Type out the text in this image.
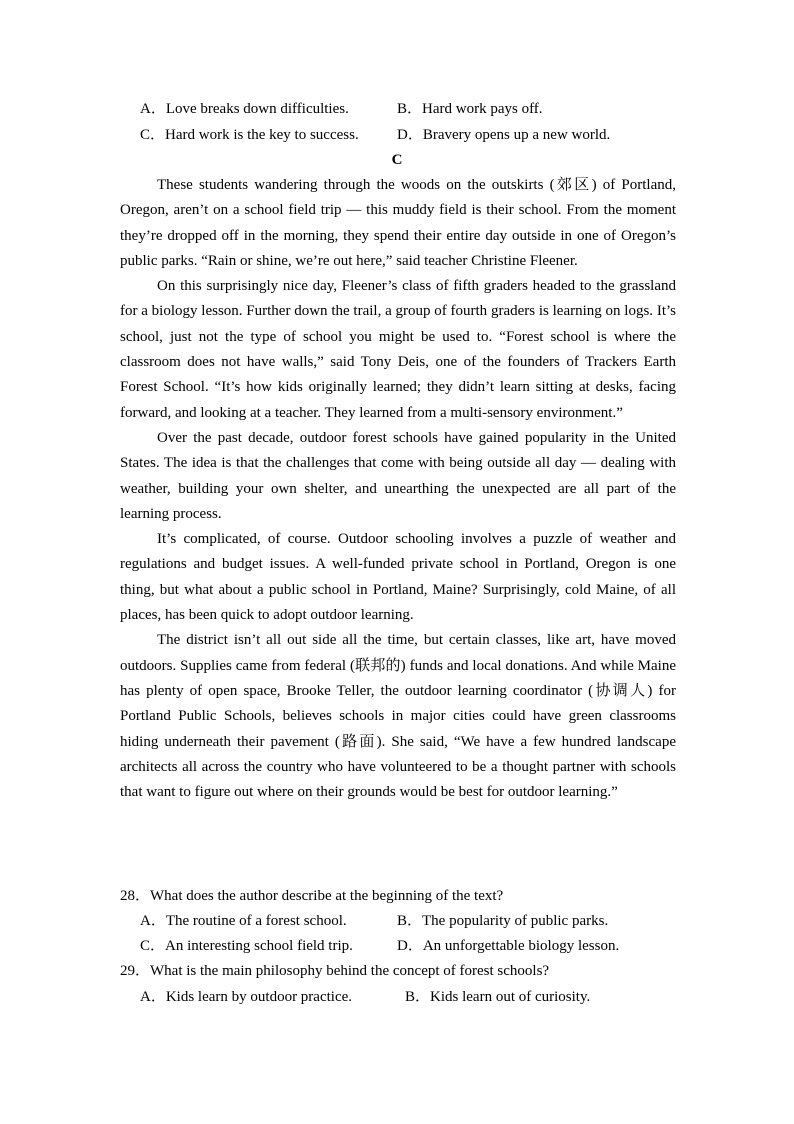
A．Love breaks down difficulties.	B．Hard work pays off.
C．Hard work is the key to success.	D．Bravery opens up a new world.
C

These students wandering through the woods on the outskirts (郊区) of Portland, Oregon, aren’t on a school field trip — this muddy field is their school. From the moment they’re dropped off in the morning, they spend their entire day outside in one of Oregon’s public parks. “Rain or shine, we’re out here,” said teacher Christine Fleener.

On this surprisingly nice day, Fleener’s class of fifth graders headed to the grassland for a biology lesson. Further down the trail, a group of fourth graders is learning on logs. It’s school, just not the type of school you might be used to. “Forest school is where the classroom does not have walls,” said Tony Deis, one of the founders of Trackers Earth Forest School. “It’s how kids originally learned; they didn’t learn sitting at desks, facing forward, and looking at a teacher. They learned from a multi-sensory environment.”

Over the past decade, outdoor forest schools have gained popularity in the United States. The idea is that the challenges that come with being outside all day — dealing with weather, building your own shelter, and unearthing the unexpected are all part of the learning process.

It’s complicated, of course. Outdoor schooling involves a puzzle of weather and regulations and budget issues. A well-funded private school in Portland, Oregon is one thing, but what about a public school in Portland, Maine? Surprisingly, cold Maine, of all places, has been quick to adopt outdoor learning.

The district isn’t all out side all the time, but certain classes, like art, have moved outdoors. Supplies came from federal (联邦的) funds and local donations. And while Maine has plenty of open space, Brooke Teller, the outdoor learning coordinator (协调人) for Portland Public Schools, believes schools in major cities could have green classrooms hiding underneath their pavement (路面). She said, “We have a few hundred landscape architects all across the country who have volunteered to be a thought partner with schools that want to figure out where on their grounds would be best for outdoor learning.”

28．What does the author describe at the beginning of the text?
A．The routine of a forest school.	B．The popularity of public parks.
C．An interesting school field trip.	D．An unforgettable biology lesson.
29．What is the main philosophy behind the concept of forest schools?
A．Kids learn by outdoor practice.	B．Kids learn out of curiosity.
